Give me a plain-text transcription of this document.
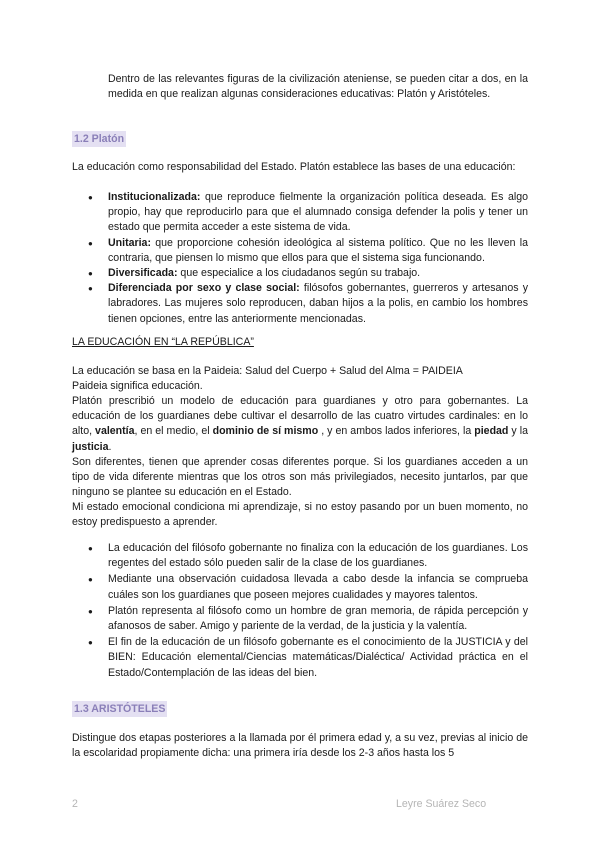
Dentro de las relevantes figuras de la civilización ateniense, se pueden citar a dos, en la medida en que realizan algunas consideraciones educativas: Platón y Aristóteles.

1.2 Platón

La educación como responsabilidad del Estado. Platón establece las bases de una educación:

● Institucionalizada: que reproduce fielmente la organización política deseada. Es algo propio, hay que reproducirlo para que el alumnado consiga defender la polis y tener un estado que permita acceder a este sistema de vida.
● Unitaria: que proporcione cohesión ideológica al sistema político. Que no les lleven la contraria, que piensen lo mismo que ellos para que el sistema siga funcionando.
● Diversificada: que especialice a los ciudadanos según su trabajo.
● Diferenciada por sexo y clase social: filósofos gobernantes, guerreros y artesanos y labradores. Las mujeres solo reproducen, daban hijos a la polis, en cambio los hombres tienen opciones, entre las anteriormente mencionadas.
LA EDUCACIÓN EN “LA REPÚBLICA”

La educación se basa en la Paideia: Salud del Cuerpo + Salud del Alma = PAIDEIA

Paideia significa educación.

Platón prescribió un modelo de educación para guardianes y otro para gobernantes. La educación de los guardianes debe cultivar el desarrollo de las cuatro virtudes cardinales: en lo alto, valentía, en el medio, el dominio de sí mismo , y en ambos lados inferiores, la piedad y la justicia.

Son diferentes, tienen que aprender cosas diferentes porque. Si los guardianes acceden a un tipo de vida diferente mientras que los otros son más privilegiados, necesito juntarlos, par que ninguno se plantee su educación en el Estado.

Mi estado emocional condiciona mi aprendizaje, si no estoy pasando por un buen momento, no estoy predispuesto a aprender.

● La educación del filósofo gobernante no finaliza con la educación de los guardianes. Los regentes del estado sólo pueden salir de la clase de los guardianes.
● Mediante una observación cuidadosa llevada a cabo desde la infancia se comprueba cuáles son los guardianes que poseen mejores cualidades y mayores talentos.
● Platón representa al filósofo como un hombre de gran memoria, de rápida percepción y afanosos de saber. Amigo y pariente de la verdad, de la justicia y la valentía.
● El fin de la educación de un filósofo gobernante es el conocimiento de la JUSTICIA y del BIEN: Educación elemental/Ciencias matemáticas/Dialéctica/ Actividad práctica en el Estado/Contemplación de las ideas del bien.
1.3 ARISTÓTELES

Distingue dos etapas posteriores a la llamada por él primera edad y, a su vez, previas al inicio de la escolaridad propiamente dicha: una primera iría desde los 2-3 años hasta los 5

2	Leyre Suárez Seco
